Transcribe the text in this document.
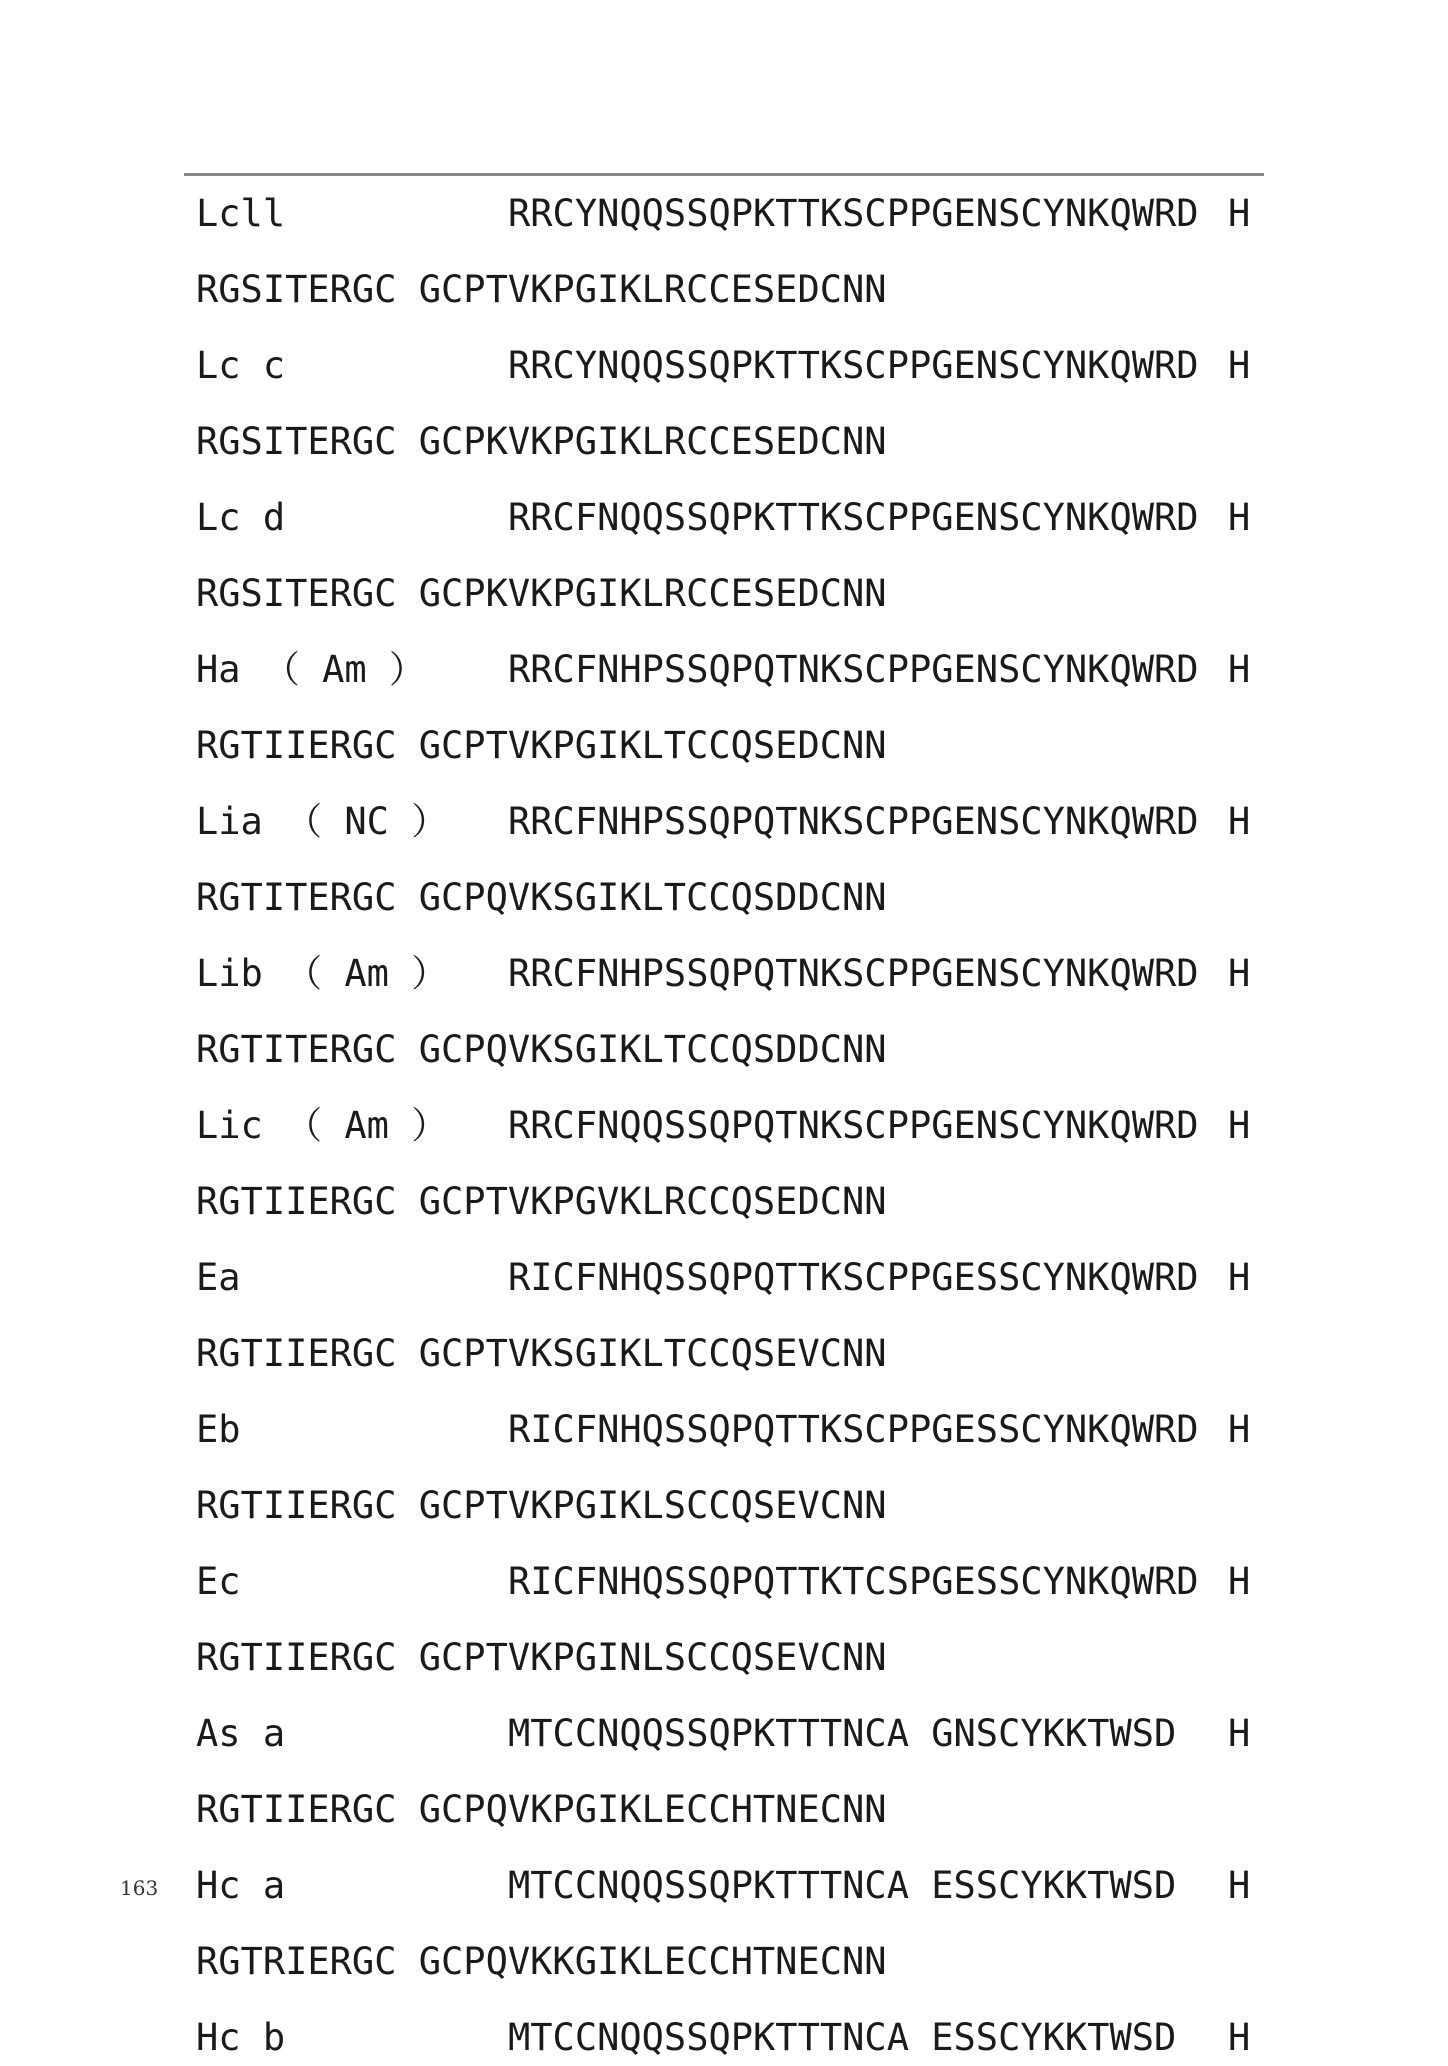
Lcll	RRCYNQQSSQPKTTKSCPPGENSCYNKQWRD H
RGSITERGC GCPTVKPGIKLRCCESEDCNN
Lc c	RRCYNQQSSQPKTTKSCPPGENSCYNKQWRD H
RGSITERGC GCPKVKPGIKLRCCESEDCNN
Lc d	RRCFNQQSSQPKTTKSCPPGENSCYNKQWRD H
RGSITERGC GCPKVKPGIKLRCCESEDCNN
Ha （ Am ）	RRCFNHPSSQPQTNKSCPPGENSCYNKQWRD H
RGTIIERGC GCPTVKPGIKLTCCQSEDCNN
Lia （ NC ）	RRCFNHPSSQPQTNKSCPPGENSCYNKQWRD H
RGTITERGC GCPQVKSGIKLTCCQSDDCNN
Lib （ Am ）	RRCFNHPSSQPQTNKSCPPGENSCYNKQWRD H
RGTITERGC GCPQVKSGIKLTCCQSDDCNN
Lic （ Am ）	RRCFNQQSSQPQTNKSCPPGENSCYNKQWRD H
RGTIIERGC GCPTVKPGVKLRCCQSEDCNN
Ea	RICFNHQSSQPQTTKSCPPGESSCYNKQWRD H
RGTIIERGC GCPTVKSGIKLTCCQSEVCNN
Eb	RICFNHQSSQPQTTKSCPPGESSCYNKQWRD H
RGTIIERGC GCPTVKPGIKLSCCQSEVCNN
Ec	RICFNHQSSQPQTTKTCSPGESSCYNKQWRD H
RGTIIERGC GCPTVKPGINLSCCQSEVCNN
As a	MTCCNQQSSQPKTTTNCA GNSCYKKTWSD H
RGTIIERGC GCPQVKPGIKLECCHTNECNN
Hc a	MTCCNQQSSQPKTTTNCA ESSCYKKTWSD H
RGTRIERGC GCPQVKKGIKLECCHTNECNN
Hc b	MTCCNQQSSQPKTTTNCA ESSCYKKTWSD H
163
